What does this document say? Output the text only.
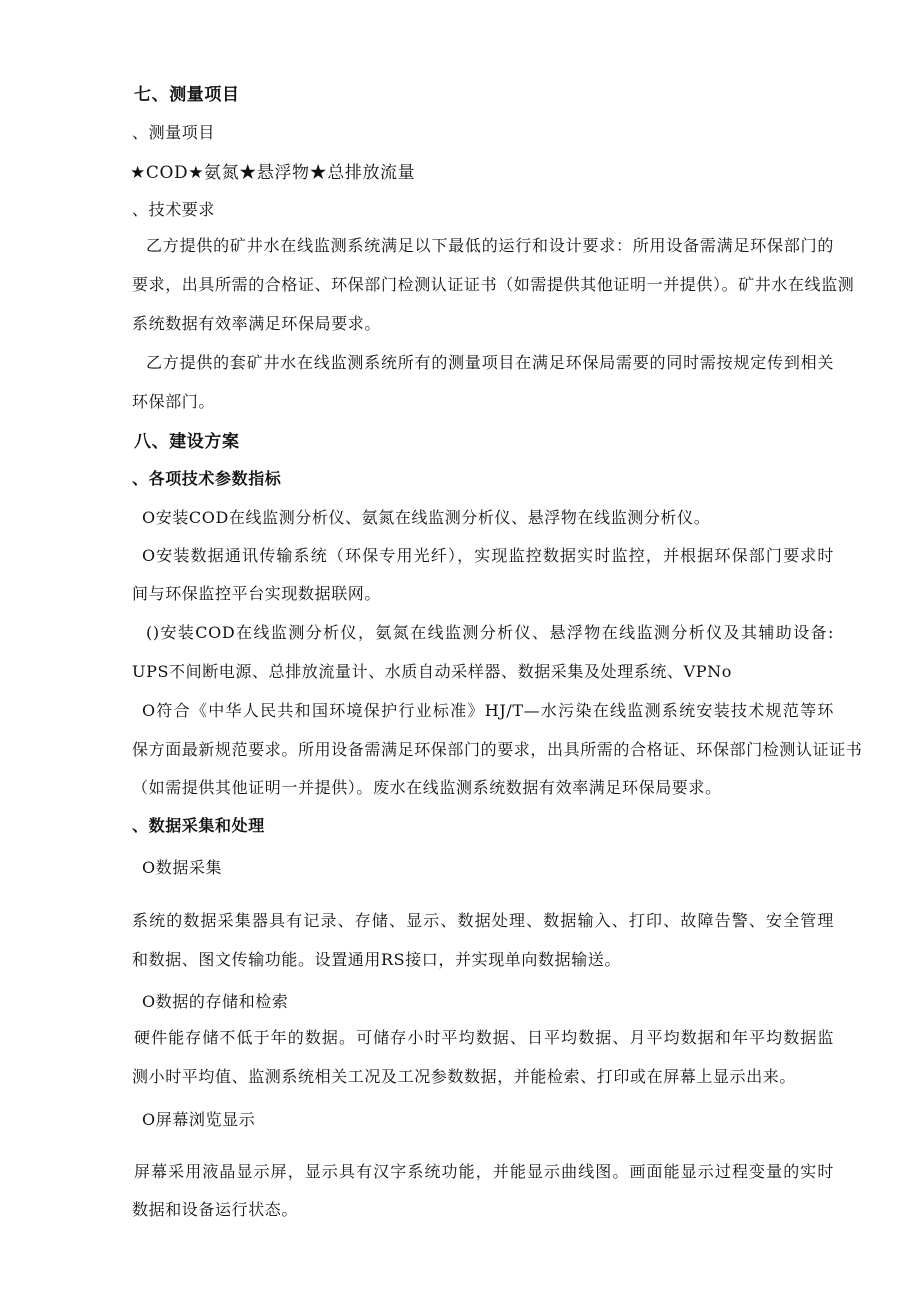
七、测量项目
、测量项目
★COD★氨氮★悬浮物★总排放流量
、技术要求
乙方提供的矿井水在线监测系统满足以下最低的运行和设计要求：所用设备需满足环保部门的
要求，出具所需的合格证、环保部门检测认证证书（如需提供其他证明一并提供）。矿井水在线监测
系统数据有效率满足环保局要求。
乙方提供的套矿井水在线监测系统所有的测量项目在满足环保局需要的同时需按规定传到相关
环保部门。
八、建设方案
、各项技术参数指标
O安装COD在线监测分析仪、氨氮在线监测分析仪、悬浮物在线监测分析仪。
O安装数据通讯传输系统（环保专用光纤），实现监控数据实时监控，并根据环保部门要求时
间与环保监控平台实现数据联网。
()安装COD在线监测分析仪，氨氮在线监测分析仪、悬浮物在线监测分析仪及其辅助设备:
UPS不间断电源、总排放流量计、水质自动采样器、数据采集及处理系统、VPNo
O符合《中华人民共和国环境保护行业标准》HJ/T—水污染在线监测系统安装技术规范等环
保方面最新规范要求。所用设备需满足环保部门的要求，出具所需的合格证、环保部门检测认证证书
（如需提供其他证明一并提供）。废水在线监测系统数据有效率满足环保局要求。
、数据采集和处理
O数据采集
系统的数据采集器具有记录、存储、显示、数据处理、数据输入、打印、故障告警、安全管理
和数据、图文传输功能。设置通用RS接口，并实现单向数据输送。
O数据的存储和检索
硬件能存储不低于年的数据。可储存小时平均数据、日平均数据、月平均数据和年平均数据监
测小时平均值、监测系统相关工况及工况参数数据，并能检索、打印或在屏幕上显示出来。
O屏幕浏览显示
屏幕采用液晶显示屏，显示具有汉字系统功能，并能显示曲线图。画面能显示过程变量的实时
数据和设备运行状态。
